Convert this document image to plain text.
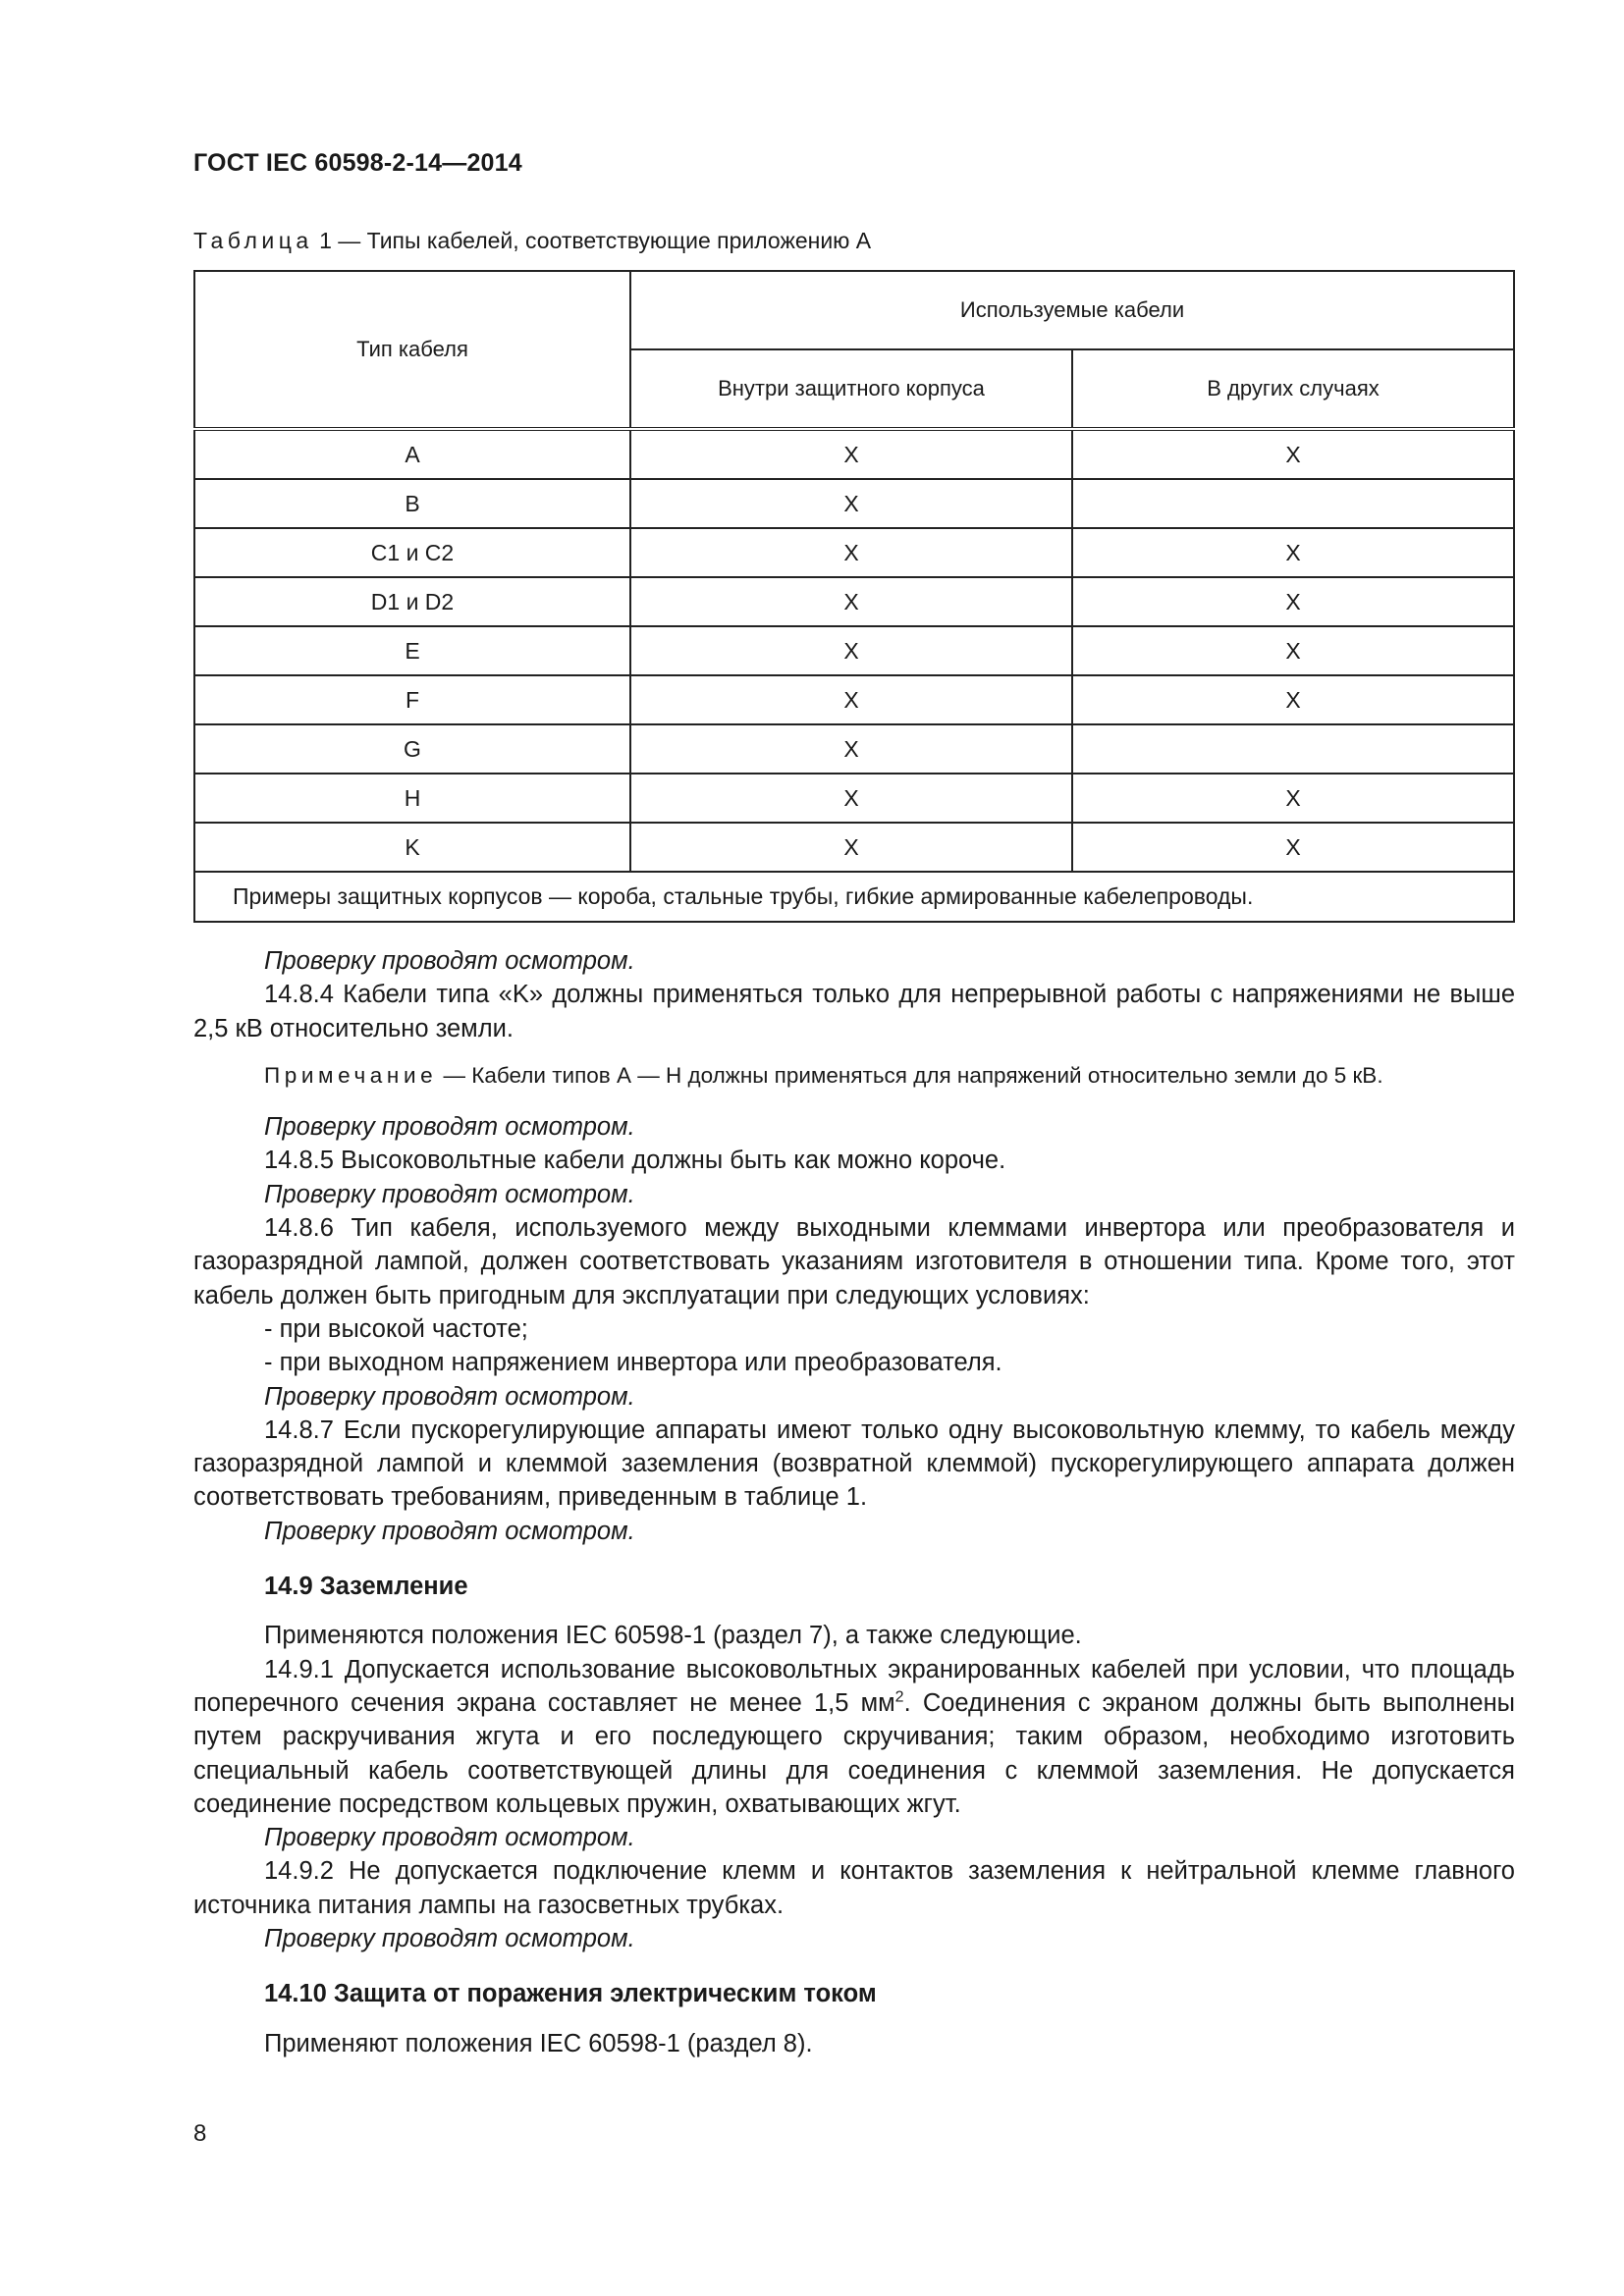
ГОСТ IEC 60598-2-14—2014
Таблица 1 — Типы кабелей, соответствующие приложению А
Тип кабеля	Используемые кабели	
	Внутри защитного корпуса	В других случаях
A	X	X
B	X	
C1 и C2	X	X
D1 и D2	X	X
E	X	X
F	X	X
G	X	
H	X	X
K	X	X
Примеры защитных корпусов — короба, стальные трубы, гибкие армированные кабелепроводы.		

Проверку проводят осмотром.

14.8.4 Кабели типа «K» должны применяться только для непрерывной работы с напряжениями не выше 2,5 кВ относительно земли.

Примечание — Кабели типов А — Н должны применяться для напряжений относительно земли до 5 кВ.

Проверку проводят осмотром.

14.8.5 Высоковольтные кабели должны быть как можно короче.

Проверку проводят осмотром.

14.8.6 Тип кабеля, используемого между выходными клеммами инвертора или преобразователя и газоразрядной лампой, должен соответствовать указаниям изготовителя в отношении типа. Кроме того, этот кабель должен быть пригодным для эксплуатации при следующих условиях:

- при высокой частоте;

- при выходном напряжением инвертора или преобразователя.

Проверку проводят осмотром.

14.8.7 Если пускорегулирующие аппараты имеют только одну высоковольтную клемму, то кабель между газоразрядной лампой и клеммой заземления (возвратной клеммой) пускорегулирующего аппарата должен соответствовать требованиям, приведенным в таблице 1.

Проверку проводят осмотром.

14.9 Заземление

Применяются положения IEC 60598-1 (раздел 7), а также следующие.

14.9.1 Допускается использование высоковольтных экранированных кабелей при условии, что площадь поперечного сечения экрана составляет не менее 1,5 $мм^2$. Соединения с экраном должны быть выполнены путем раскручивания жгута и его последующего скручивания; таким образом, необходимо изготовить специальный кабель соответствующей длины для соединения с клеммой заземления. Не допускается соединение посредством кольцевых пружин, охватывающих жгут.

Проверку проводят осмотром.

14.9.2 Не допускается подключение клемм и контактов заземления к нейтральной клемме главного источника питания лампы на газосветных трубках.

Проверку проводят осмотром.

14.10 Защита от поражения электрическим током

Применяют положения IEC 60598-1 (раздел 8).

8
